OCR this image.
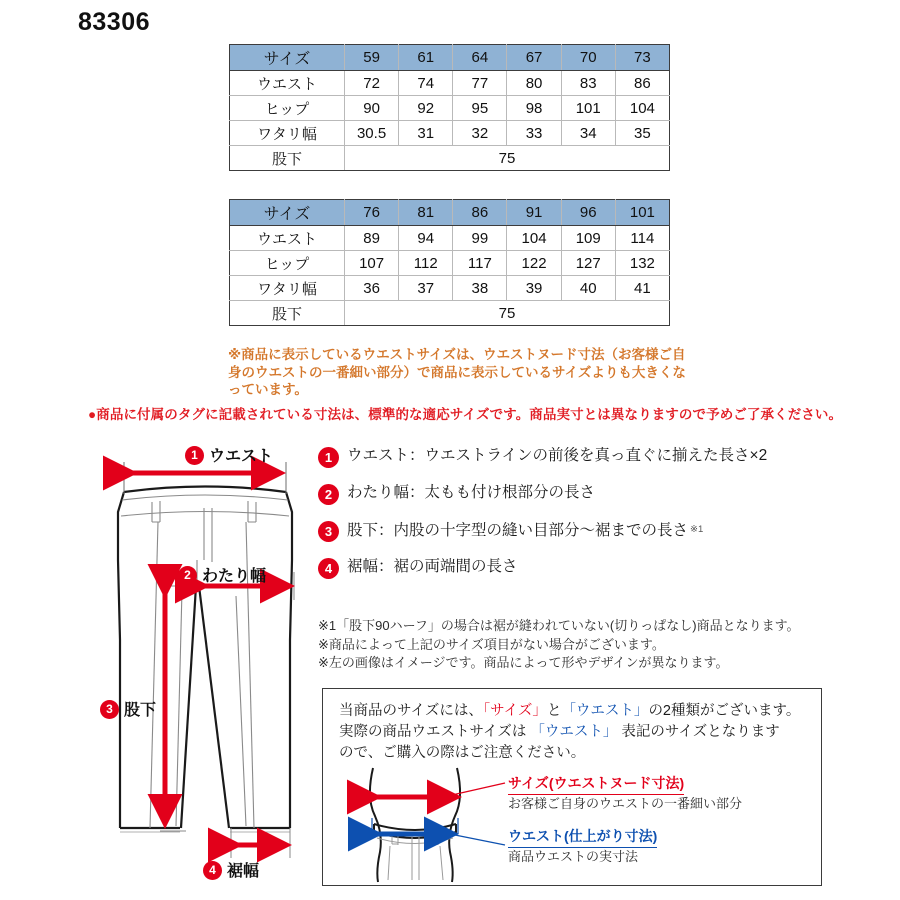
83306
サイズ	59	61	64	67	70	73
ウエスト	72	74	77	80	83	86
ヒップ	90	92	95	98	101	104
ワタリ幅	30.5	31	32	33	34	35
股下	75					
サイズ	76	81	86	91	96	101
ウエスト	89	94	99	104	109	114
ヒップ	107	112	117	122	127	132
ワタリ幅	36	37	38	39	40	41
股下	75					
※商品に表示しているウエストサイズは、ウエストヌード寸法（お客様ご自身のウエストの一番細い部分）で商品に表示しているサイズよりも大きくなっています。
●商品に付属のタグに記載されている寸法は、標準的な適応サイズです。商品実寸とは異なりますので予めご了承ください。
1 ウエスト：ウエストラインの前後を真っ直ぐに揃えた長さ×2
2 わたり幅：太もも付け根部分の長さ
3 股下：内股の十字型の縫い目部分〜裾までの長さ $^{※1}$
4 裾幅：裾の両端間の長さ
※1「股下90ハーフ」の場合は裾が縫われていない(切りっぱなし)商品となります。
※商品によって上記のサイズ項目がない場合がございます。
※左の画像はイメージです。商品によって形やデザインが異なります。
当商品のサイズには、「サイズ」と「ウエスト」の2種類がございます。
実際の商品ウエストサイズは 「ウエスト」 表記のサイズとなります
ので、ご購入の際はご注意ください。
サイズ(ウエストヌード寸法)
お客様ご自身のウエストの一番細い部分
ウエスト(仕上がり寸法)
商品ウエストの実寸法
1 ウエスト
2 わたり幅
3 股下
4 裾幅
